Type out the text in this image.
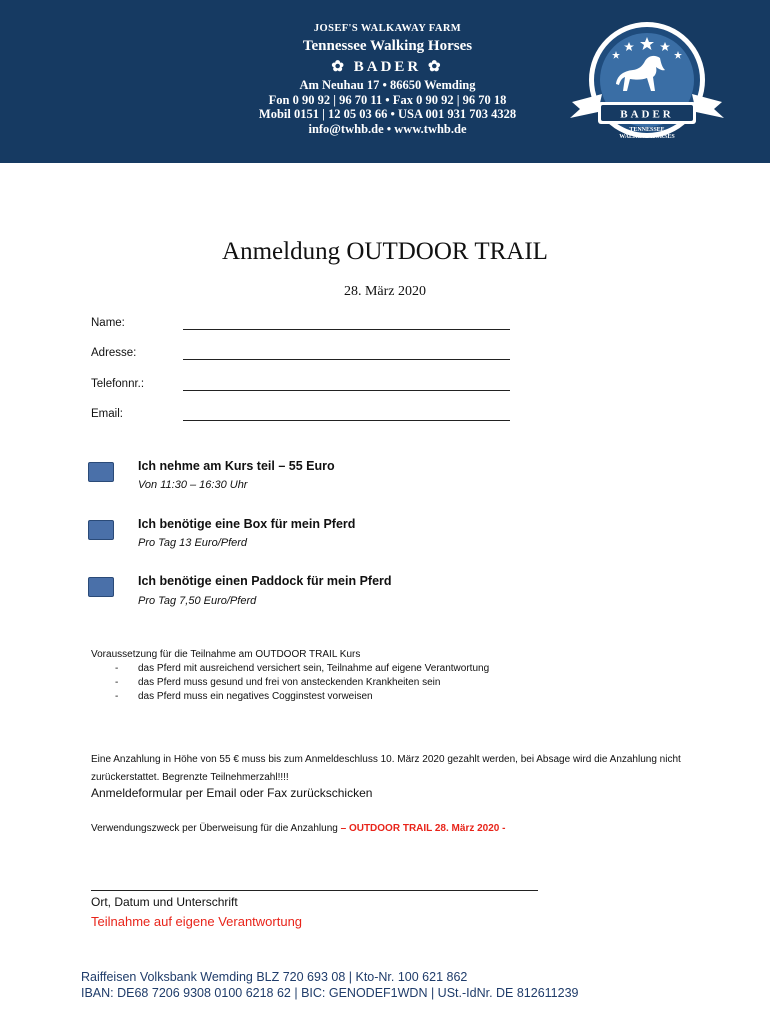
JOSEF'S WALKAWAY FARM
Tennessee Walking Horses
✿ BADER ✿
Am Neuhau 17 • 86650 Wemding
Fon 0 90 92 | 96 70 11 • Fax 0 90 92 | 96 70 18
Mobil 0151 | 12 05 03 66 • USA 001 931 703 4328
info@twhb.de • www.twhb.de
BADER
TENNESSEE
WALKING HORSES
Anmeldung OUTDOOR TRAIL
28. März 2020
Name:
Adresse:
Telefonnr.:
Email:
Ich nehme am Kurs teil – 55 Euro
Von 11:30 – 16:30 Uhr
Ich benötige eine Box für mein Pferd
Pro Tag 13 Euro/Pferd
Ich benötige einen Paddock für mein Pferd
Pro Tag 7,50 Euro/Pferd
Voraussetzung für die Teilnahme am OUTDOOR TRAIL Kurs
- das Pferd mit ausreichend versichert sein, Teilnahme auf eigene Verantwortung
- das Pferd muss gesund und frei von ansteckenden Krankheiten sein
- das Pferd muss ein negatives Cogginstest vorweisen
Eine Anzahlung in Höhe von 55 € muss bis zum Anmeldeschluss 10. März 2020 gezahlt werden, bei Absage wird die Anzahlung nicht zurückerstattet. Begrenzte Teilnehmerzahl!!!!
Anmeldeformular per Email oder Fax zurückschicken
Verwendungszweck per Überweisung für die Anzahlung – OUTDOOR TRAIL 28. März 2020 -
Ort, Datum und Unterschrift
Teilnahme auf eigene Verantwortung
Raiffeisen Volksbank Wemding BLZ 720 693 08 | Kto-Nr. 100 621 862
IBAN: DE68 7206 9308 0100 6218 62 | BIC: GENODEF1WDN | USt.-IdNr. DE 812611239
